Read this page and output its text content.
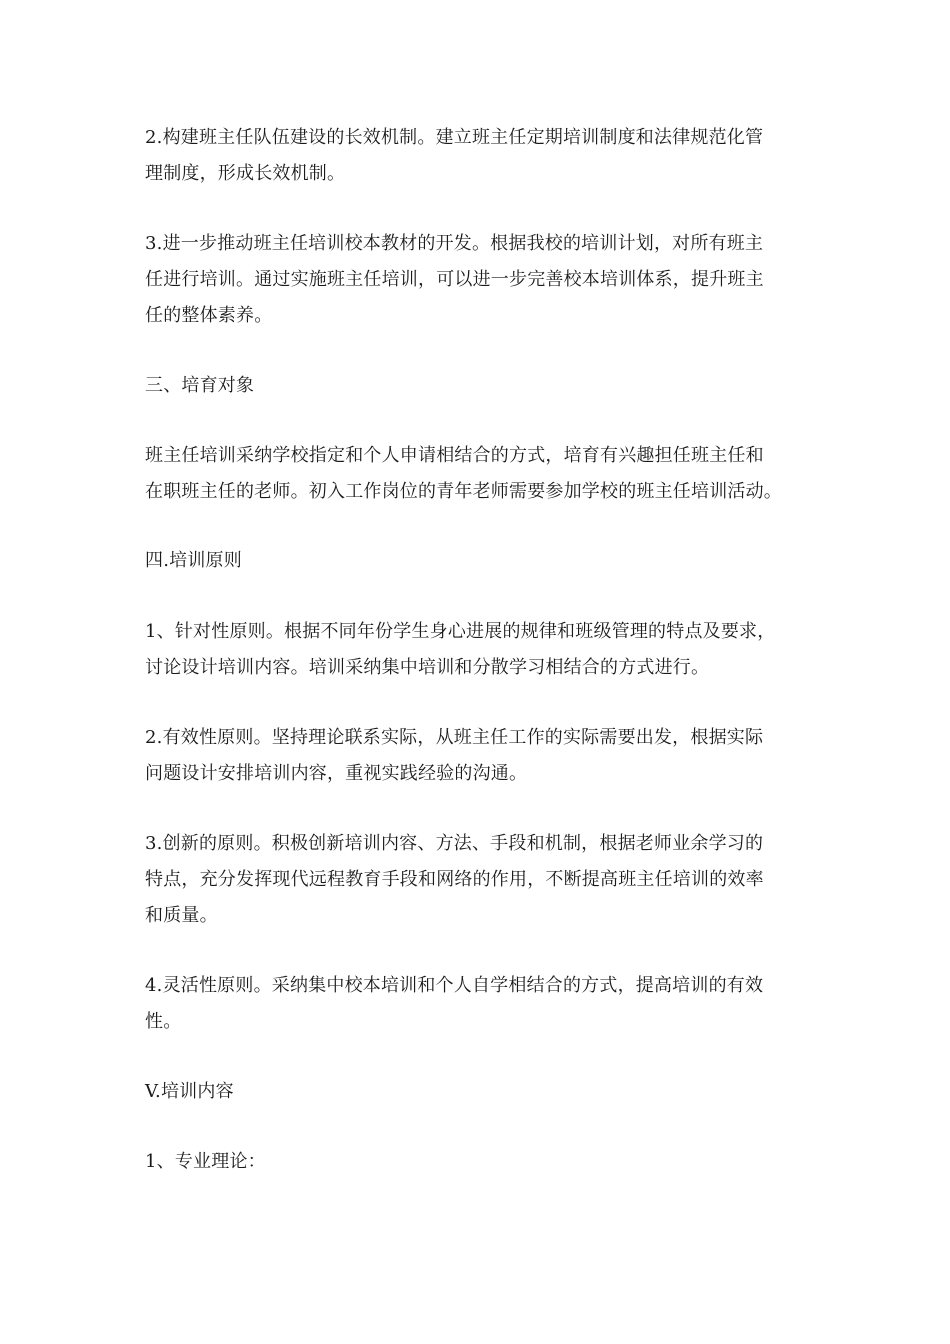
2.构建班主任队伍建设的长效机制。建立班主任定期培训制度和法律规范化管
理制度，形成长效机制。
3.进一步推动班主任培训校本教材的开发。根据我校的培训计划，对所有班主
任进行培训。通过实施班主任培训，可以进一步完善校本培训体系，提升班主
任的整体素养。
三、培育对象
班主任培训采纳学校指定和个人申请相结合的方式，培育有兴趣担任班主任和
在职班主任的老师。初入工作岗位的青年老师需要参加学校的班主任培训活动。
四.培训原则
1、针对性原则。根据不同年份学生身心进展的规律和班级管理的特点及要求，
讨论设计培训内容。培训采纳集中培训和分散学习相结合的方式进行。
2.有效性原则。坚持理论联系实际，从班主任工作的实际需要出发，根据实际
问题设计安排培训内容，重视实践经验的沟通。
3.创新的原则。积极创新培训内容、方法、手段和机制，根据老师业余学习的
特点，充分发挥现代远程教育手段和网络的作用，不断提高班主任培训的效率
和质量。
4.灵活性原则。采纳集中校本培训和个人自学相结合的方式，提高培训的有效
性。
V.培训内容
1、专业理论：
